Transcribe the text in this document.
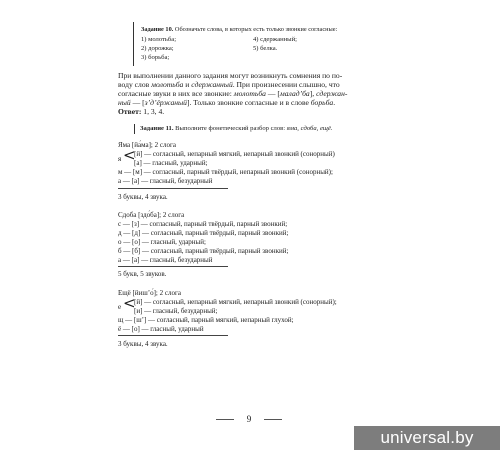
Задание 10. Обозначьте слова, в которых есть только звонкие согласные:
1) молотьба;
2) дорожка;
3) борьба;
4) сдержанный;
5) белка.
При выполнении данного задания могут возникнуть сомнения по по-
воду слов молотьба и сдержанный. При произнесении слышно, что
согласные звуки в них все звонкие: молотьба — [малад’ба], сдержан-
ный — [з’д’ёржаный]. Только звонкие согласные и в слове борьба.
Ответ: 1, 3, 4.
Задание 11. Выполните фонетический разбор слов: яма, сдоба, ещё.
Яма [йа́ма]; 2 слога
я <
[й] — согласный, непарный мягкий, непарный звонкий (сонорный)
[а] — гласный, ударный;
м — [м] — согласный, парный твёрдый, непарный звонкий (сонорный);
а — [а] — гласный, безударный
3 буквы, 4 звука.
Сдоба [здо́ба]; 2 слога
с — [з] — согласный, парный твёрдый, парный звонкий;
д — [д] — согласный, парный твёрдый, парный звонкий;
о — [о] — гласный, ударный;
б — [б] — согласный, парный твёрдый, парный звонкий;
а — [а] — гласный, безударный
5 букв, 5 звуков.
Ещё [йиш’о́]; 2 слога
е <
[й] — согласный, непарный мягкий, непарный звонкий (сонорный);
[и] — гласный, безударный;
щ — [ш’] — согласный, парный мягкий, непарный глухой;
ё — [о] — гласный, ударный
3 буквы, 4 звука.
9
universal.by
